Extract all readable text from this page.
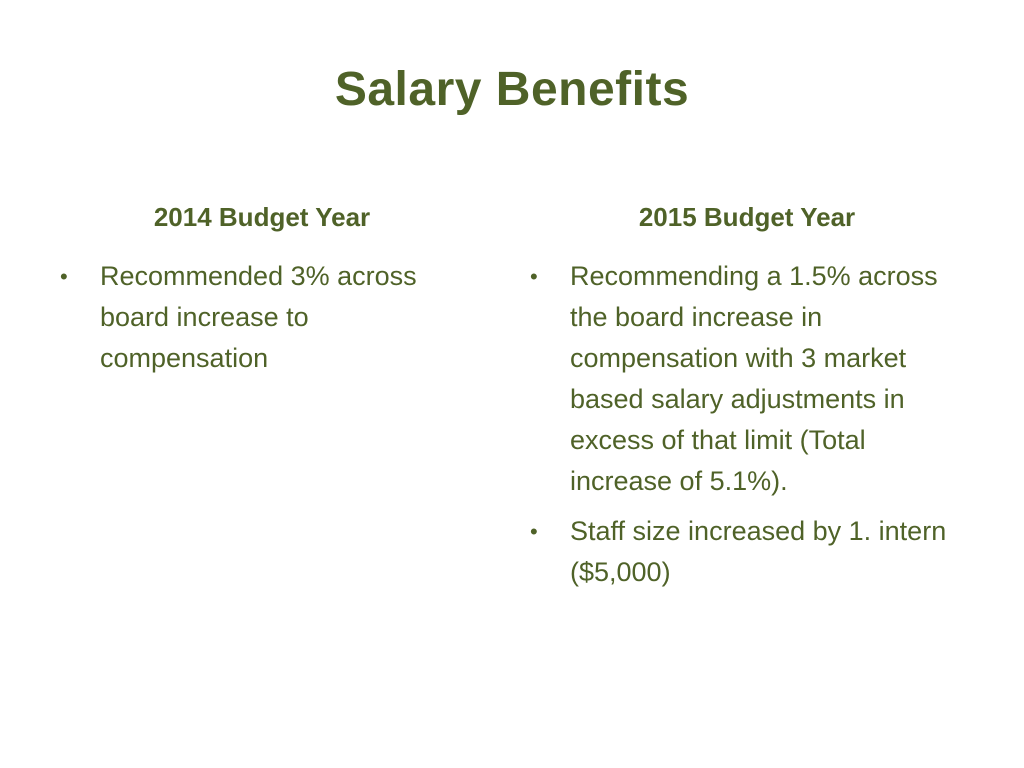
Salary Benefits
2014 Budget Year
• Recommended 3% across board increase to compensation
2015 Budget Year
• Recommending a 1.5% across the board increase in compensation with 3 market based salary adjustments in excess of that limit (Total increase of 5.1%).
• Staff size increased by 1. intern ($5,000)
